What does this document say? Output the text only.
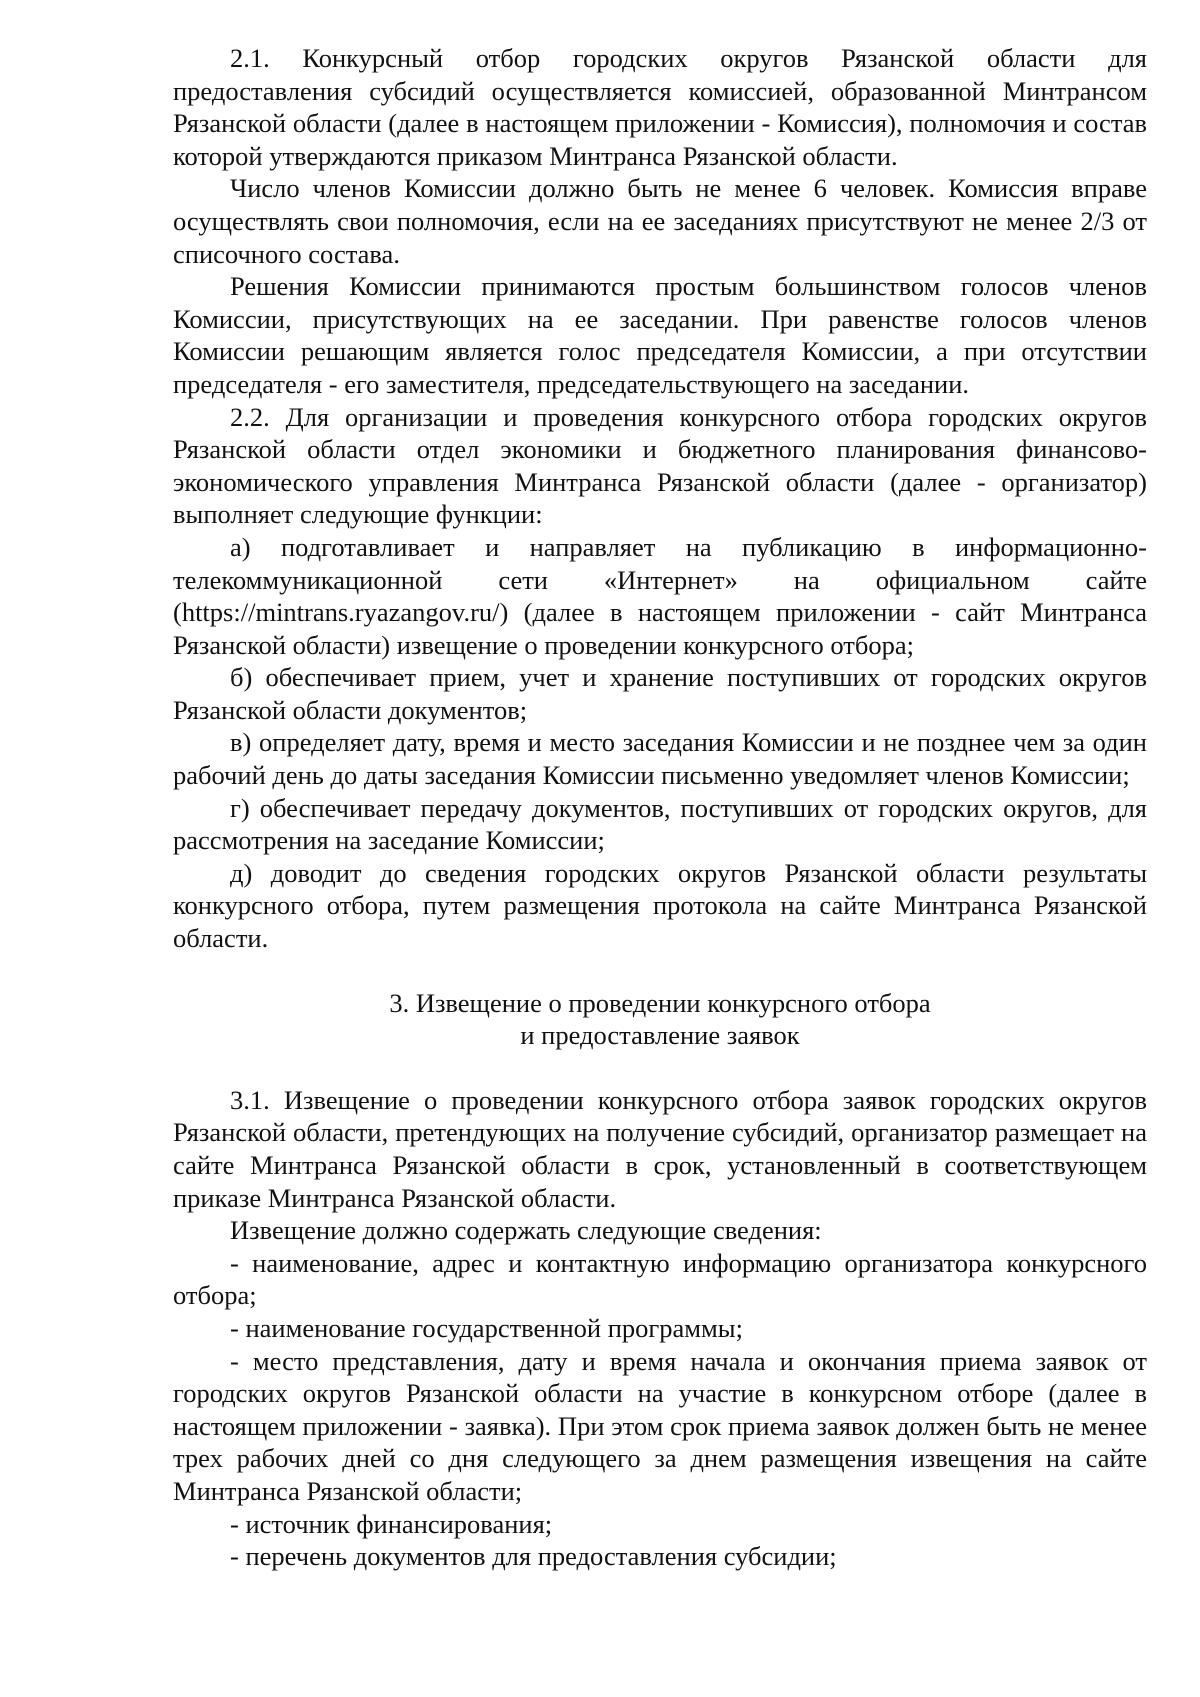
2.1. Конкурсный отбор городских округов Рязанской области для предоставления субсидий осуществляется комиссией, образованной Минтрансом Рязанской области (далее в настоящем приложении - Комиссия), полномочия и состав которой утверждаются приказом Минтранса Рязанской области.

Число членов Комиссии должно быть не менее 6 человек. Комиссия вправе осуществлять свои полномочия, если на ее заседаниях присутствуют не менее 2/3 от списочного состава.

Решения Комиссии принимаются простым большинством голосов членов Комиссии, присутствующих на ее заседании. При равенстве голосов членов Комиссии решающим является голос председателя Комиссии, а при отсутствии председателя - его заместителя, председательствующего на заседании.

2.2. Для организации и проведения конкурсного отбора городских округов Рязанской области отдел экономики и бюджетного планирования финансово-экономического управления Минтранса Рязанской области (далее - организатор) выполняет следующие функции:

а) подготавливает и направляет на публикацию в информационно-телекоммуникационной сети «Интернет» на официальном сайте (https://mintrans.ryazangov.ru/) (далее в настоящем приложении - сайт Минтранса Рязанской области) извещение о проведении конкурсного отбора;

б) обеспечивает прием, учет и хранение поступивших от городских округов Рязанской области документов;

в) определяет дату, время и место заседания Комиссии и не позднее чем за один рабочий день до даты заседания Комиссии письменно уведомляет членов Комиссии;

г) обеспечивает передачу документов, поступивших от городских округов, для рассмотрения на заседание Комиссии;

д) доводит до сведения городских округов Рязанской области результаты конкурсного отбора, путем размещения протокола на сайте Минтранса Рязанской области.

3. Извещение о проведении конкурсного отбора
и предоставление заявок

3.1. Извещение о проведении конкурсного отбора заявок городских округов Рязанской области, претендующих на получение субсидий, организатор размещает на сайте Минтранса Рязанской области в срок, установленный в соответствующем приказе Минтранса Рязанской области.

Извещение должно содержать следующие сведения:

- наименование, адрес и контактную информацию организатора конкурсного отбора;

- наименование государственной программы;

- место представления, дату и время начала и окончания приема заявок от городских округов Рязанской области на участие в конкурсном отборе (далее в настоящем приложении - заявка). При этом срок приема заявок должен быть не менее трех рабочих дней со дня следующего за днем размещения извещения на сайте Минтранса Рязанской области;

- источник финансирования;

- перечень документов для предоставления субсидии;
